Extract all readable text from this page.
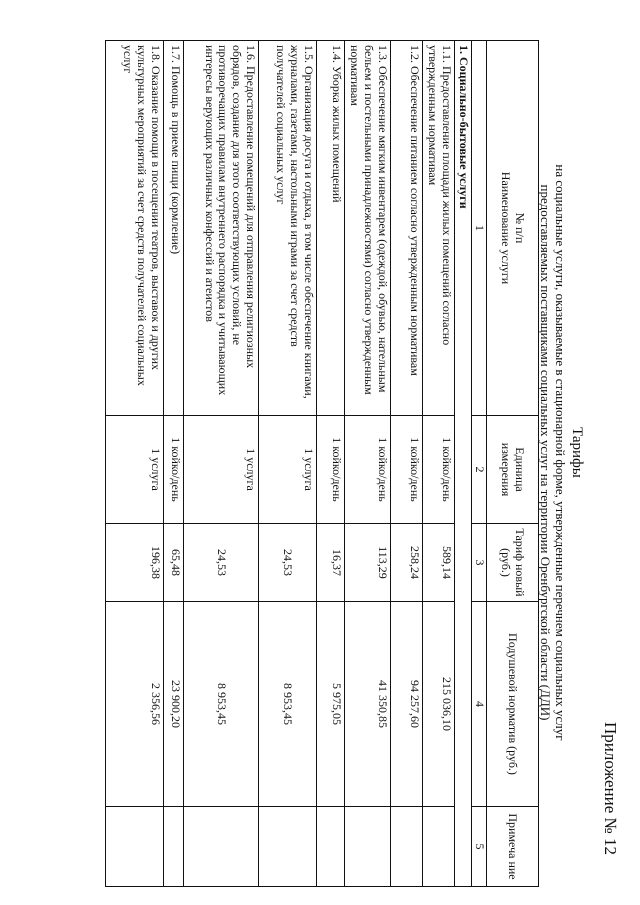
Приложение № 12
Тарифы
на социальные услуги, оказываемые в стационарной форме, утвержденные перечнем социальных услуг
предоставляемых поставщиками социальных услуг на территории Оренбургской области (ДДИ)
№ п/п
Наименование услуги	Единица измерения	Тариф новый (руб.)	Подушевой норматив (руб.)	Примеча ние
1	2	3	4	5
1. Социально-бытовые услуги				
1.1. Предоставление площади жилых помещений согласно утвержденным нормативам	1 койко/день	589,14	215 036,10	
1.2. Обеспечение питанием согласно утвержденным нормативам	1 койко/день	258,24	94 257,60	
1.3. Обеспечение мягким инвентарем (одеждой, обувью, нательным бельем и постельными принадлежностями) согласно утвержденным нормативам	1 койко/день	113,29	41 350,85	
1.4. Уборка жилых помещений	1 койко/день	16,37	5 975,05	
1.5. Организация досуга и отдыха, в том числе обеспечение книгами, журналами, газетами, настольными играми за счет средств получателей социальных услуг	1 услуга	24,53	8 953,45	
1.6. Предоставление помещений для отправления религиозных обрядов, создание для этого соответствующих условий, не противоречащих правилам внутреннего распорядка и учитывающих интересы верующих различных конфессий и атеистов	1 услуга	24,53	8 953,45	
1.7. Помощь в приеме пищи (кормление)	1 койко/день	65,48	23 900,20	
1.8. Оказание помощи в посещении театров, выставок и других культурных мероприятий за счет средств получателей социальных услуг	1 услуга	196,38	2 356,56	
